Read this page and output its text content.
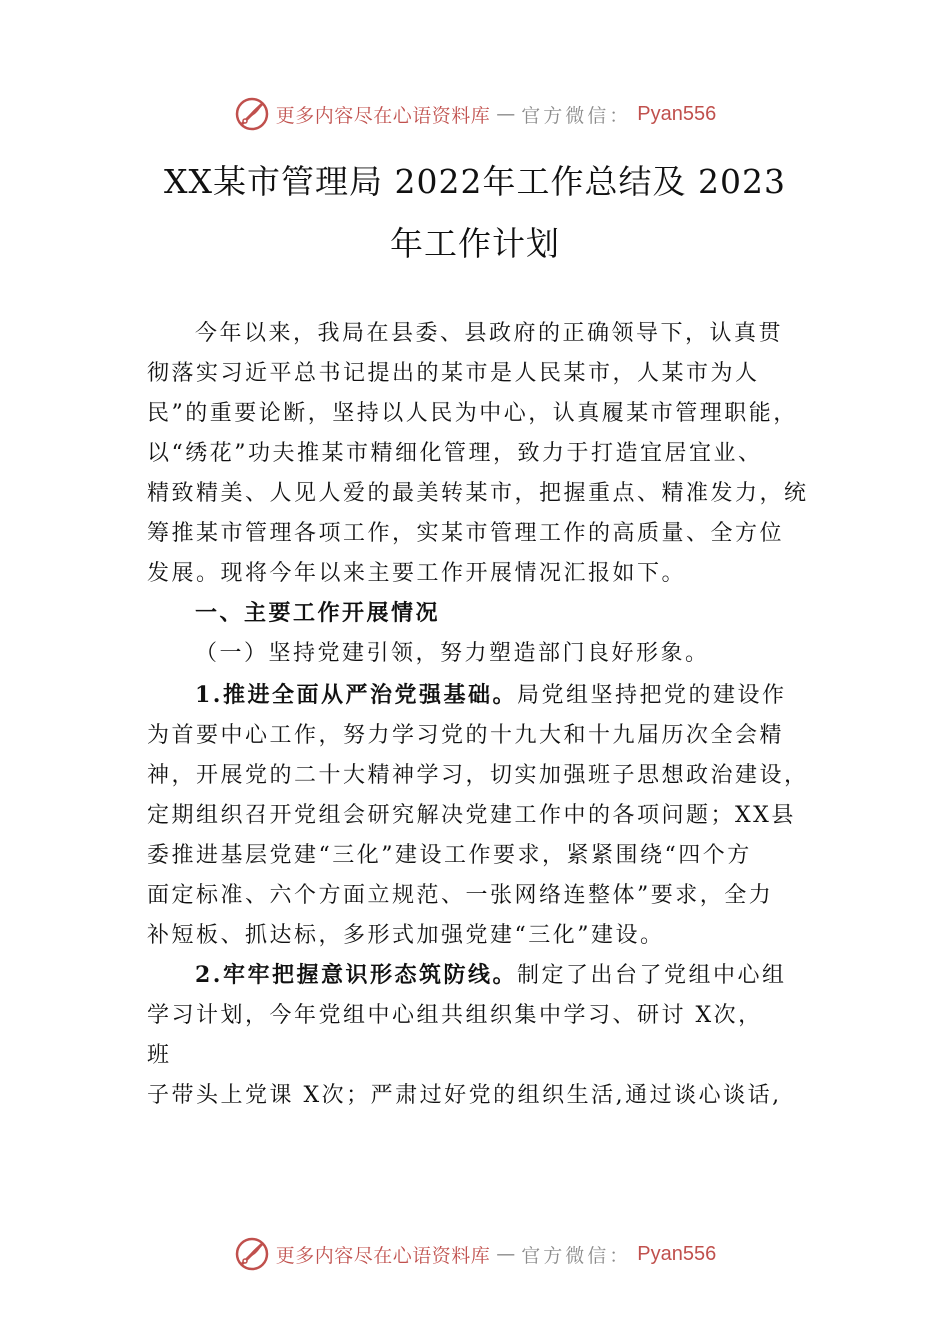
更多内容尽在心语资料库 — 官方微信： Pyan556
XX某市管理局 2022年工作总结及 2023
年工作计划
今年以来，我局在县委、县政府的正确领导下，认真贯
彻落实习近平总书记提出的某市是人民某市，人某市为人
民”的重要论断，坚持以人民为中心，认真履某市管理职能，
以“绣花”功夫推某市精细化管理，致力于打造宜居宜业、
精致精美、人见人爱的最美转某市，把握重点、精准发力，统
筹推某市管理各项工作，实某市管理工作的高质量、全方位
发展。现将今年以来主要工作开展情况汇报如下。
一、主要工作开展情况
（一）坚持党建引领，努力塑造部门良好形象。
1.推进全面从严治党强基础。局党组坚持把党的建设作
为首要中心工作，努力学习党的十九大和十九届历次全会精
神，开展党的二十大精神学习，切实加强班子思想政治建设，
定期组织召开党组会研究解决党建工作中的各项问题；XX县
委推进基层党建“三化”建设工作要求，紧紧围绕“四个方
面定标准、六个方面立规范、一张网络连整体”要求，全力
补短板、抓达标，多形式加强党建“三化”建设。
2.牢牢把握意识形态筑防线。制定了出台了党组中心组
学习计划，今年党组中心组共组织集中学习、研讨 X次，
班
子带头上党课 X次；严肃过好党的组织生活,通过谈心谈话,
更多内容尽在心语资料库 — 官方微信： Pyan556
